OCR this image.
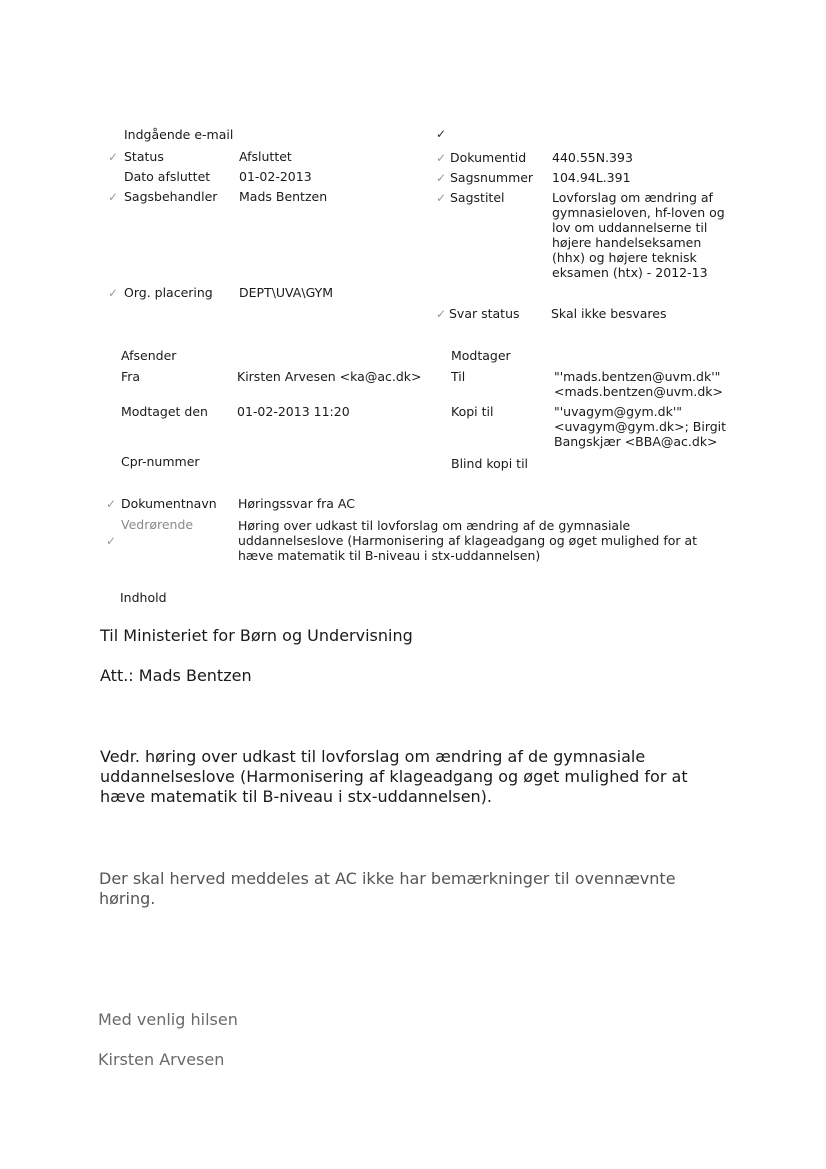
Indgående e-mail	✓
✓ Status	Afsluttet
Dato afsluttet 01-02-2013
✓ Sagsbehandler Mads Bentzen
✓ Org. placering DEPT\UVA\GYM
✓ Dokumentid 440.55N.393
✓ Sagsnummer 104.94L.391
✓ Sagstitel	Lovforslag om ændring af
gymnasieloven, hf-loven og
lov om uddannelserne til
højere handelseksamen
(hhx) og højere teknisk
eksamen (htx) - 2012-13
✓ Svar status	Skal ikke besvares
Afsender	Modtager
Fra	Kirsten Arvesen <ka@ac.dk> Til	"'mads.bentzen@uvm.dk'"
<mads.bentzen@uvm.dk>
Modtaget den 01-02-2013 11:20	Kopi til	"'uvagym@gym.dk'"
<uvagym@gym.dk>; Birgit
Bangskjær <BBA@ac.dk>
Cpr-nummer	Blind kopi til
✓ Dokumentnavn Høringssvar fra AC
Vedrørende
✓
Høring over udkast til lovforslag om ændring af de gymnasiale
uddannelseslove (Harmonisering af klageadgang og øget mulighed for at
hæve matematik til B-niveau i stx-uddannelsen)
Indhold
Til Ministeriet for Børn og Undervisning
Att.: Mads Bentzen
Vedr. høring over udkast til lovforslag om ændring af de gymnasiale
uddannelseslove (Harmonisering af klageadgang og øget mulighed for at
hæve matematik til B-niveau i stx-uddannelsen).
Der skal herved meddeles at AC ikke har bemærkninger til ovennævnte
høring.
Med venlig hilsen
Kirsten Arvesen
